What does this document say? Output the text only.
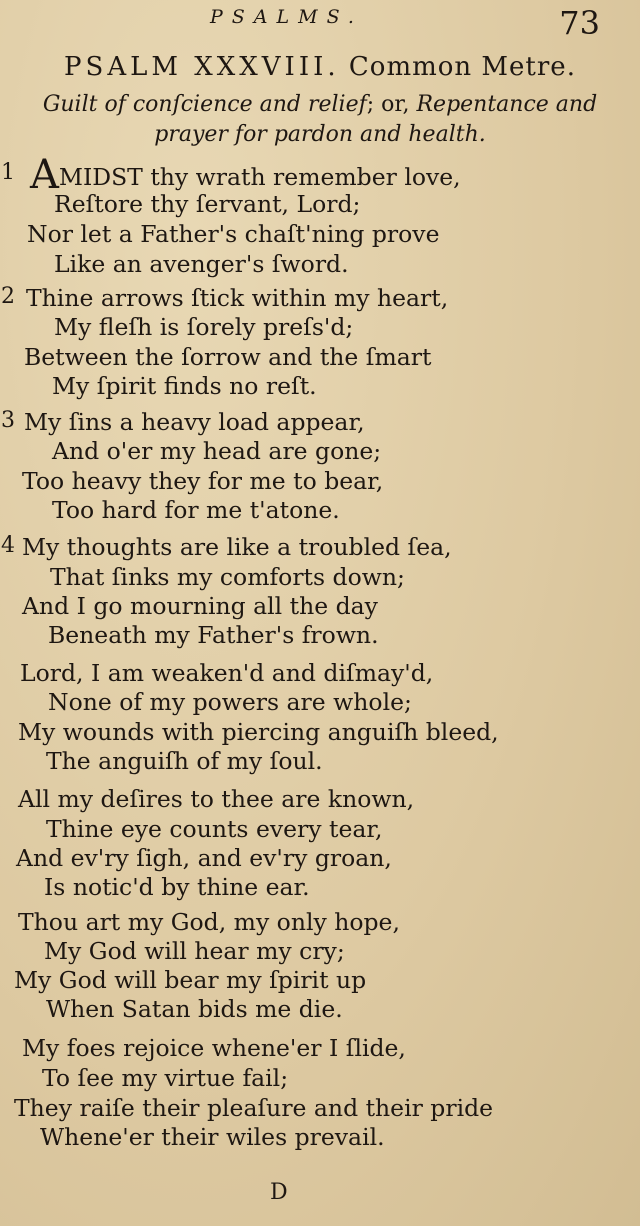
PSALMS.	73
PSALM XXXVIII. Common Metre.
Guilt of conſcience and relief; or, Repentance and
prayer for pardon and health.
1 AMIDST thy wrath remember love,
Reſtore thy ſervant, Lord;
Nor let a Father's chaſt'ning prove
Like an avenger's ſword.
2 Thine arrows ſtick within my heart,
My fleſh is ſorely preſs'd;
Between the ſorrow and the ſmart
My ſpirit finds no reſt.
3 My ſins a heavy load appear,
And o'er my head are gone;
Too heavy they for me to bear,
Too hard for me t'atone.
4 My thoughts are like a troubled ſea,
That ſinks my comforts down;
And I go mourning all the day
Beneath my Father's frown.
Lord, I am weaken'd and diſmay'd,
None of my powers are whole;
My wounds with piercing anguiſh bleed,
The anguiſh of my ſoul.
All my deſires to thee are known,
Thine eye counts every tear,
And ev'ry ſigh, and ev'ry groan,
Is notic'd by thine ear.
Thou art my God, my only hope,
My God will hear my cry;
My God will bear my ſpirit up
When Satan bids me die.
My foes rejoice whene'er I ſlide,
To ſee my virtue fail;
They raiſe their pleaſure and their pride
Whene'er their wiles prevail.
D
